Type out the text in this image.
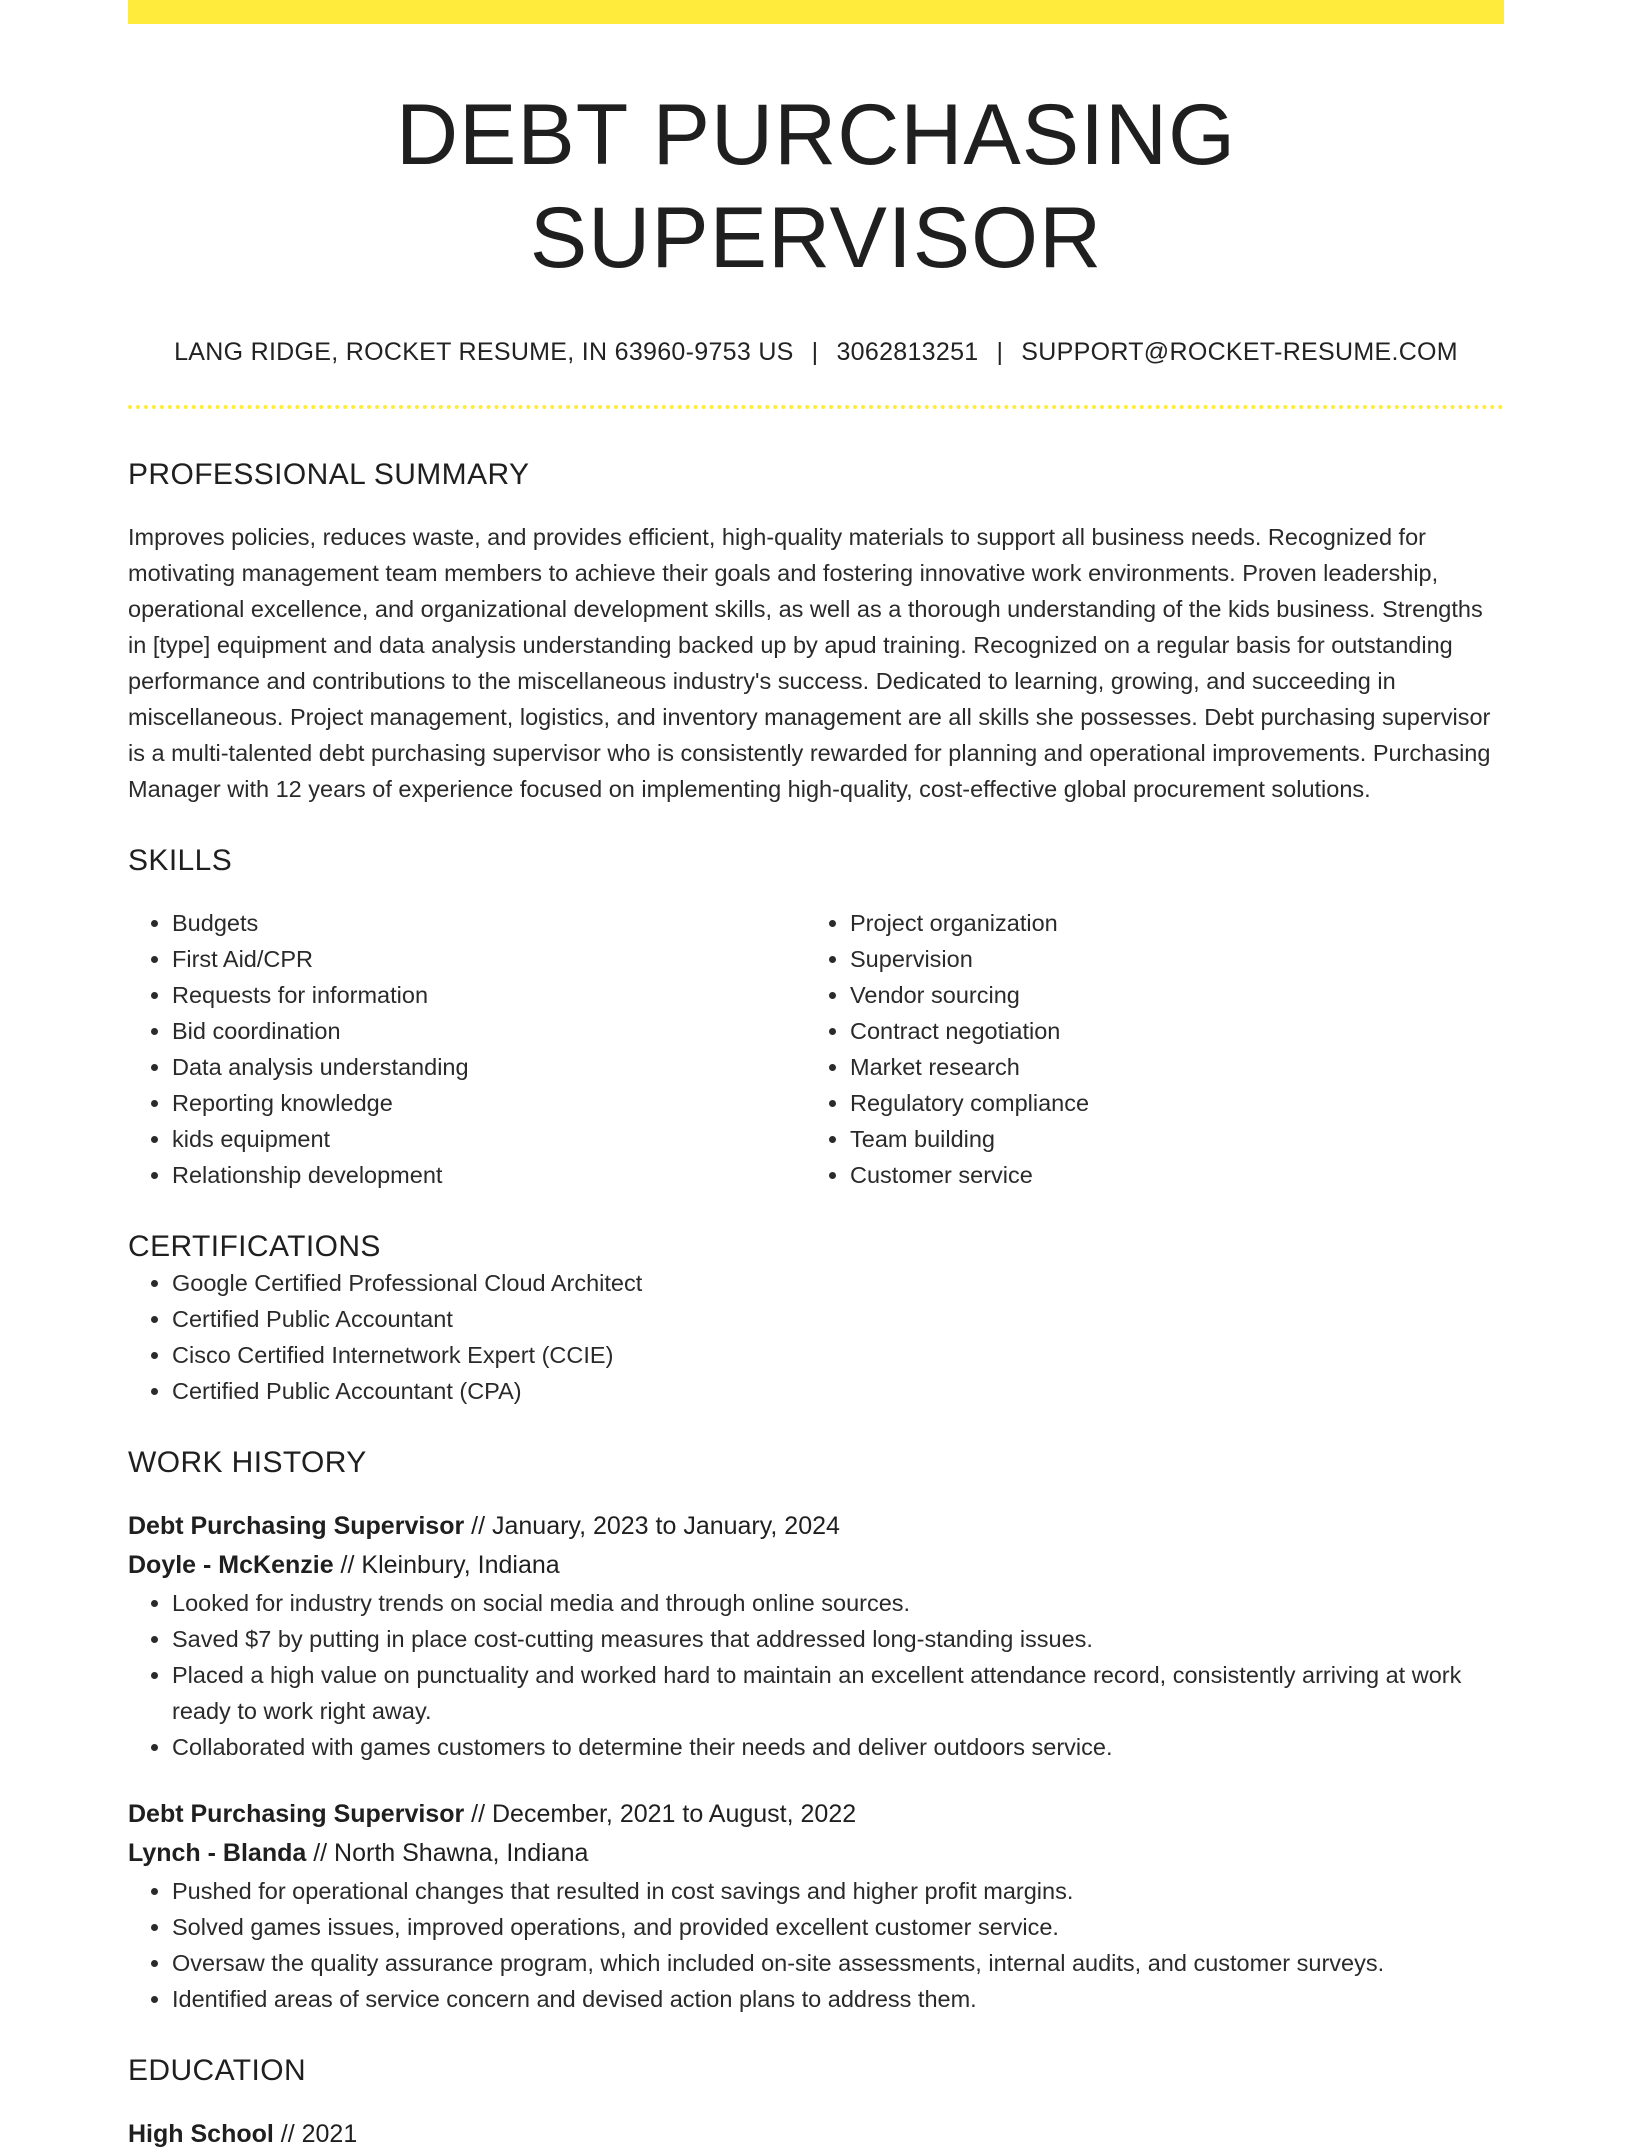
DEBT PURCHASING SUPERVISOR
LANG RIDGE, ROCKET RESUME, IN 63960-9753 US | 3062813251 | SUPPORT@ROCKET-RESUME.COM
PROFESSIONAL SUMMARY

Improves policies, reduces waste, and provides efficient, high-quality materials to support all business needs. Recognized for motivating management team members to achieve their goals and fostering innovative work environments. Proven leadership, operational excellence, and organizational development skills, as well as a thorough understanding of the kids business. Strengths in [type] equipment and data analysis understanding backed up by apud training. Recognized on a regular basis for outstanding performance and contributions to the miscellaneous industry's success. Dedicated to learning, growing, and succeeding in miscellaneous. Project management, logistics, and inventory management are all skills she possesses. Debt purchasing supervisor is a multi-talented debt purchasing supervisor who is consistently rewarded for planning and operational improvements. Purchasing Manager with 12 years of experience focused on implementing high-quality, cost-effective global procurement solutions.

SKILLS
• Budgets
• First Aid/CPR
• Requests for information
• Bid coordination
• Data analysis understanding
• Reporting knowledge
• kids equipment
• Relationship development
• Project organization
• Supervision
• Vendor sourcing
• Contract negotiation
• Market research
• Regulatory compliance
• Team building
• Customer service
CERTIFICATIONS
• Google Certified Professional Cloud Architect
• Certified Public Accountant
• Cisco Certified Internetwork Expert (CCIE)
• Certified Public Accountant (CPA)
WORK HISTORY
Debt Purchasing Supervisor // January, 2023 to January, 2024
Doyle - McKenzie // Kleinbury, Indiana
• Looked for industry trends on social media and through online sources.
• Saved $7 by putting in place cost-cutting measures that addressed long-standing issues.
• Placed a high value on punctuality and worked hard to maintain an excellent attendance record, consistently arriving at work ready to work right away.
• Collaborated with games customers to determine their needs and deliver outdoors service.
Debt Purchasing Supervisor // December, 2021 to August, 2022
Lynch - Blanda // North Shawna, Indiana
• Pushed for operational changes that resulted in cost savings and higher profit margins.
• Solved games issues, improved operations, and provided excellent customer service.
• Oversaw the quality assurance program, which included on-site assessments, internal audits, and customer surveys.
• Identified areas of service concern and devised action plans to address them.
EDUCATION
High School // 2021
